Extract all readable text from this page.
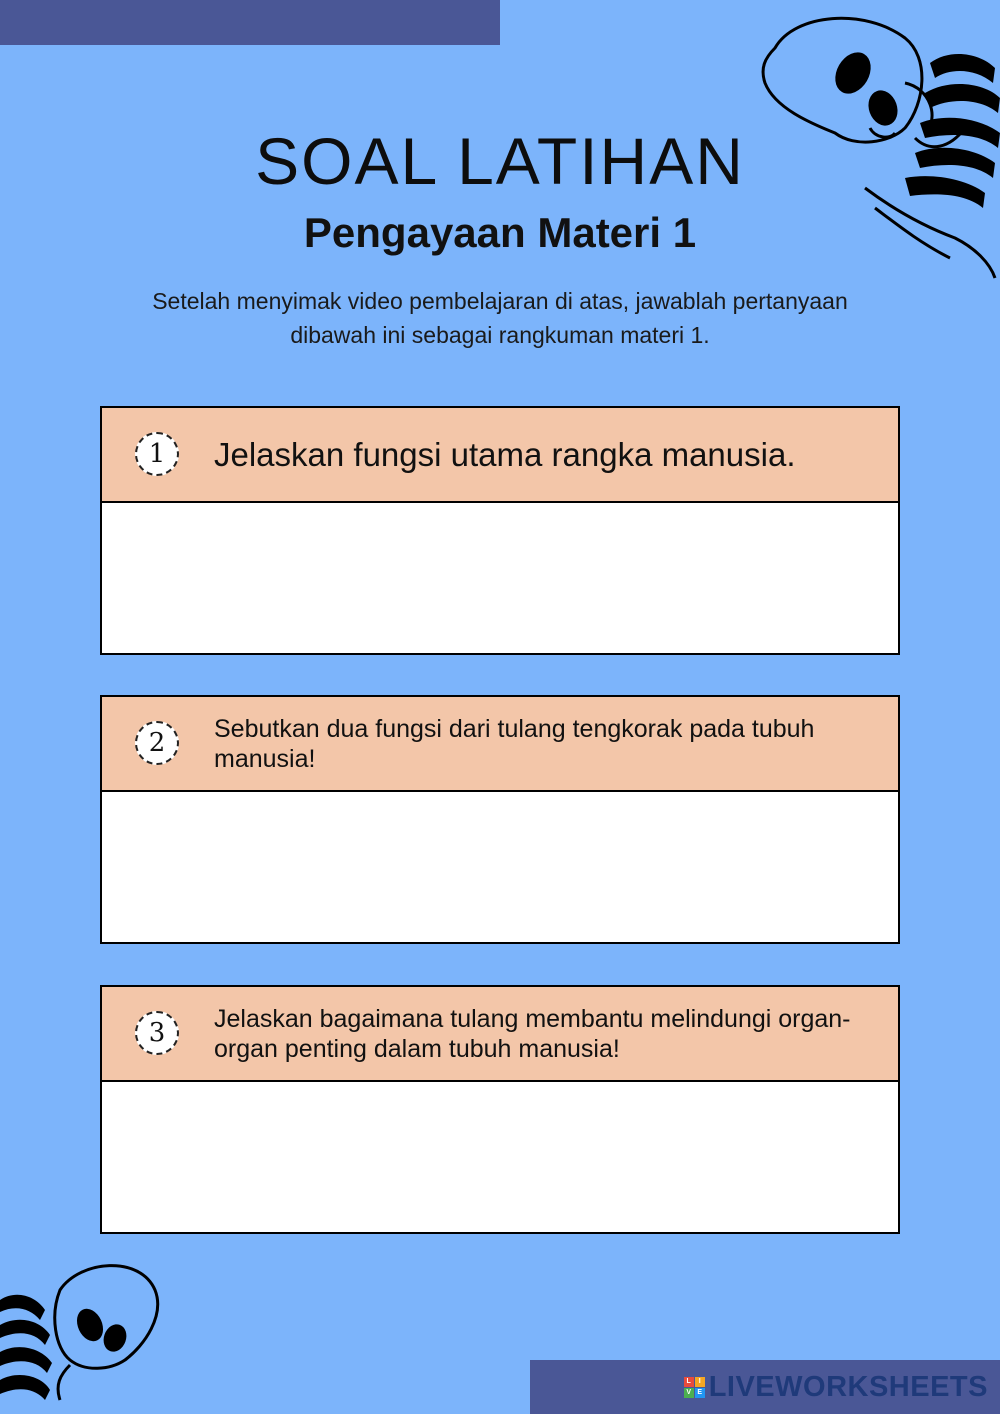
SOAL LATIHAN
Pengayaan Materi 1
Setelah menyimak video pembelajaran di atas, jawablah pertanyaan dibawah ini sebagai rangkuman materi 1.
1	Jelaskan fungsi utama rangka manusia.
2	Sebutkan dua fungsi dari tulang tengkorak pada tubuh manusia!
3	Jelaskan bagaimana tulang membantu melindungi organ-organ penting dalam tubuh manusia!
L	I
V E LIVEWORKSHEETS
